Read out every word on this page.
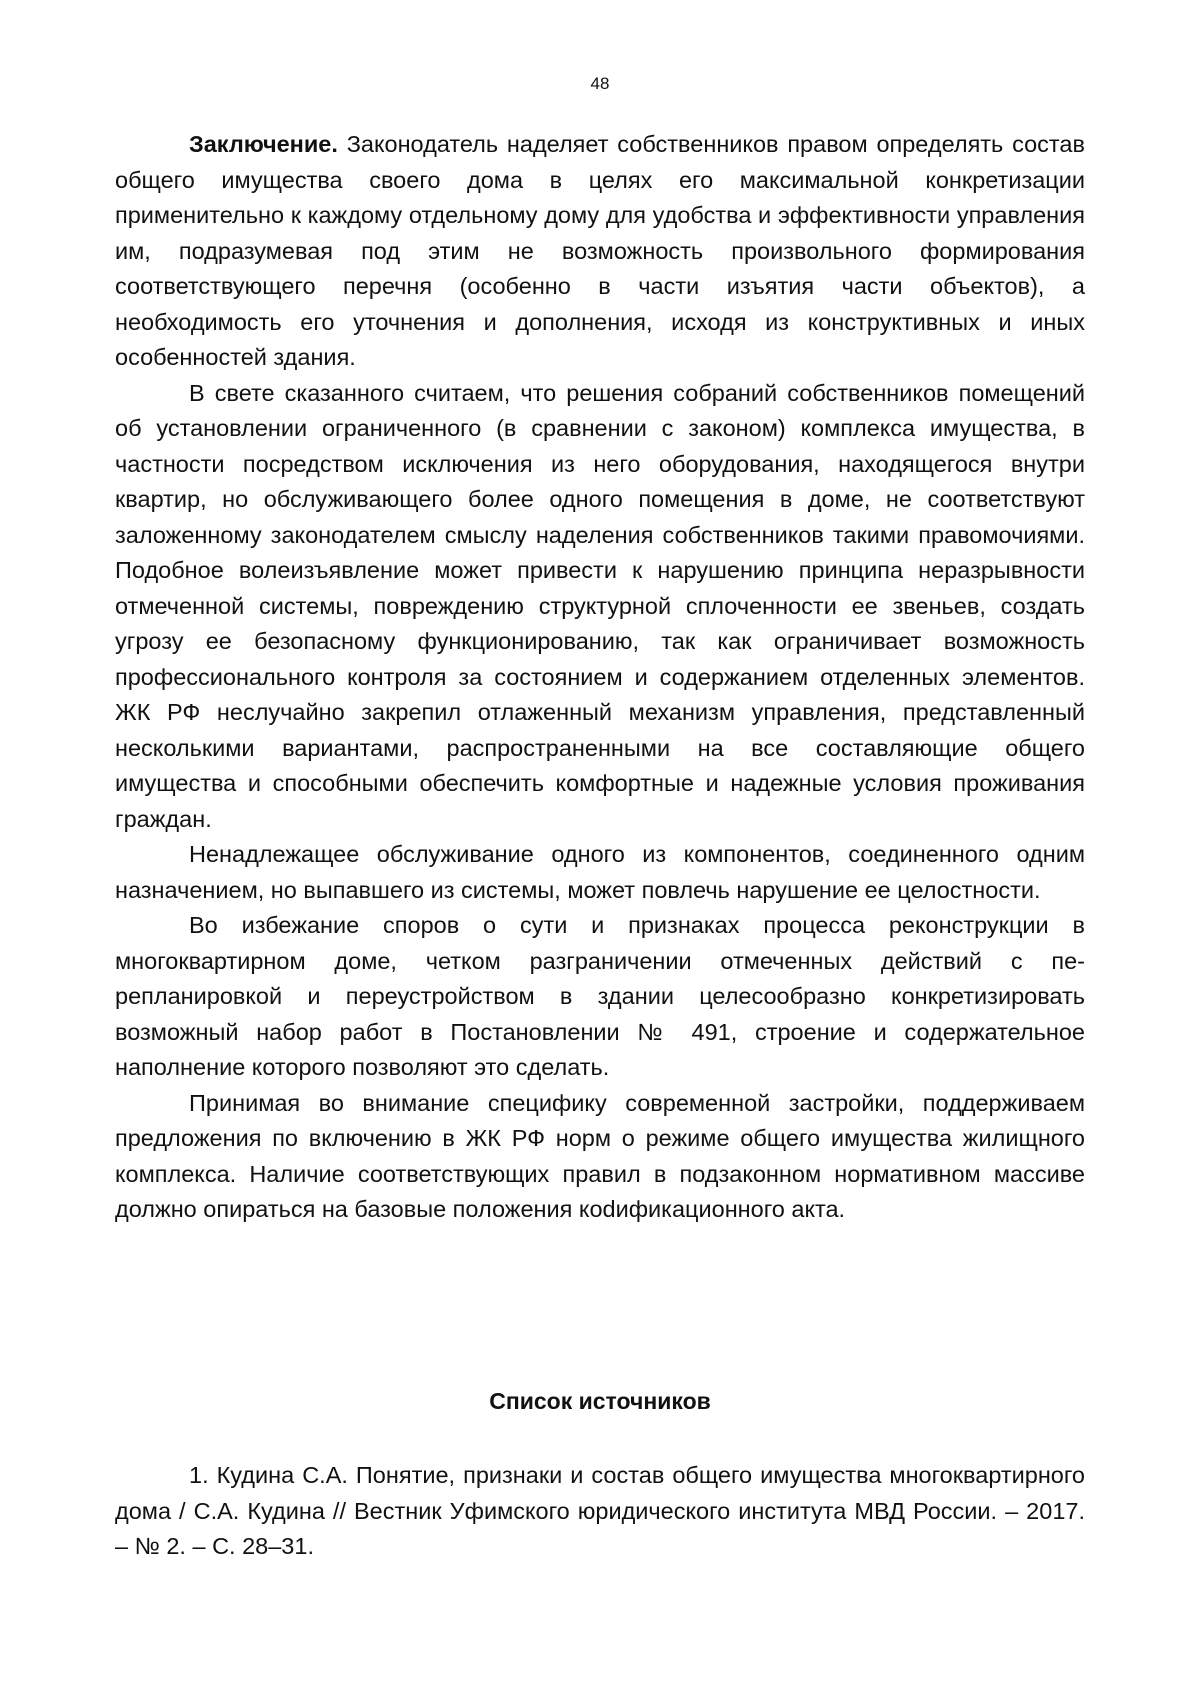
48

Заключение. Законодатель наделяет собственников правом определять состав общего имущества своего дома в целях его максимальной конкретизации применительно к каждому отдельному дому для удобства и эффективности управления им, подразумевая под этим не возможность произвольного формирования соответствующего перечня (особенно в части изъятия части объектов), а необходимость его уточнения и дополнения, исходя из конструктивных и иных особенностей здания.

В свете сказанного считаем, что решения собраний собственников помещений об установлении ограниченного (в сравнении с законом) комплекса имущества, в частности посредством исключения из него оборудования, находящегося внутри квартир, но обслуживающего более одного помещения в доме, не соответствуют заложенному законодателем смыслу наделения собственников такими правомочиями. Подобное волеизъявление может привести к нарушению принципа неразрывности отмеченной системы, повреждению структурной сплоченности ее звеньев, создать угрозу ее безопасному функционированию, так как ограничивает возможность профессионального контроля за состоянием и содержанием отделенных элементов. ЖК РФ неслучайно закрепил отлаженный механизм управления, представленный несколькими вариантами, распространенными на все составляющие общего имущества и способными обеспечить комфортные и надежные условия проживания граждан.

Ненадлежащее обслуживание одного из компонентов, соединенного одним назначением, но выпавшего из системы, может повлечь нарушение ее целостности.

Во избежание споров о сути и признаках процесса реконструкции в многоквартирном доме, четком разграничении отмеченных действий с перепланировкой и переустройством в здании целесообразно конкретизировать возможный набор работ в Постановлении № 491, строение и содержательное наполнение которого позволяют это сделать.

Принимая во внимание специфику современной застройки, поддерживаем предложения по включению в ЖК РФ норм о режиме общего имущества жилищного комплекса. Наличие соответствующих правил в подзаконном нормативном массиве должно опираться на базовые положения коdификационного акта.

Список источников

1. Кудина С.А. Понятие, признаки и состав общего имущества многоквартирного дома / С.А. Кудина // Вестник Уфимского юридического института МВД России. – 2017. – № 2. – С. 28–31.
